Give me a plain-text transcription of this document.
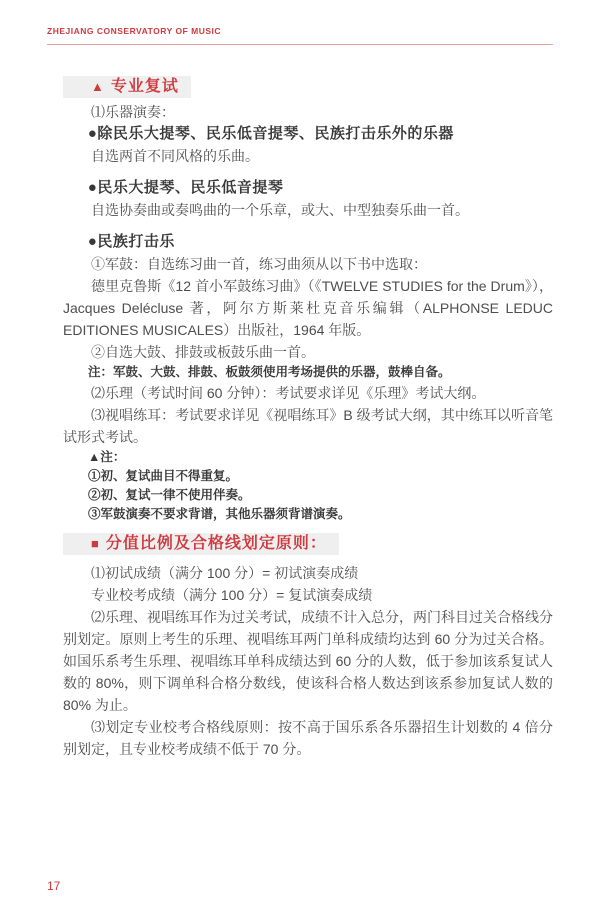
ZHEJIANG CONSERVATORY OF MUSIC
▲ 专业复试

⑴乐器演奏：

●除民乐大提琴、民乐低音提琴、民族打击乐外的乐器

自选两首不同风格的乐曲。

●民乐大提琴、民乐低音提琴

自选协奏曲或奏鸣曲的一个乐章，或大、中型独奏乐曲一首。

●民族打击乐

①军鼓：自选练习曲一首，练习曲须从以下书中选取：

德里克鲁斯《12 首小军鼓练习曲》（《TWELVE STUDIES for the Drum》），Jacques Delécluse 著，阿尔方斯莱杜克音乐编辑（ALPHONSE LEDUC EDITIONES MUSICALES）出版社，1964 年版。

②自选大鼓、排鼓或板鼓乐曲一首。

注：军鼓、大鼓、排鼓、板鼓须使用考场提供的乐器，鼓棒自备。

⑵乐理（考试时间 60 分钟）：考试要求详见《乐理》考试大纲。

⑶视唱练耳：考试要求详见《视唱练耳》B 级考试大纲，其中练耳以听音笔试形式考试。

▲注：

①初、复试曲目不得重复。

②初、复试一律不使用伴奏。

③军鼓演奏不要求背谱，其他乐器须背谱演奏。

■ 分值比例及合格线划定原则：

⑴初试成绩（满分 100 分）= 初试演奏成绩

专业校考成绩（满分 100 分）= 复试演奏成绩

⑵乐理、视唱练耳作为过关考试，成绩不计入总分，两门科目过关合格线分别划定。原则上考生的乐理、视唱练耳两门单科成绩均达到 60 分为过关合格。如国乐系考生乐理、视唱练耳单科成绩达到 60 分的人数，低于参加该系复试人数的 80%，则下调单科合格分数线，使该科合格人数达到该系参加复试人数的 80% 为止。

⑶划定专业校考合格线原则：按不高于国乐系各乐器招生计划数的 4 倍分别划定，且专业校考成绩不低于 70 分。

17
